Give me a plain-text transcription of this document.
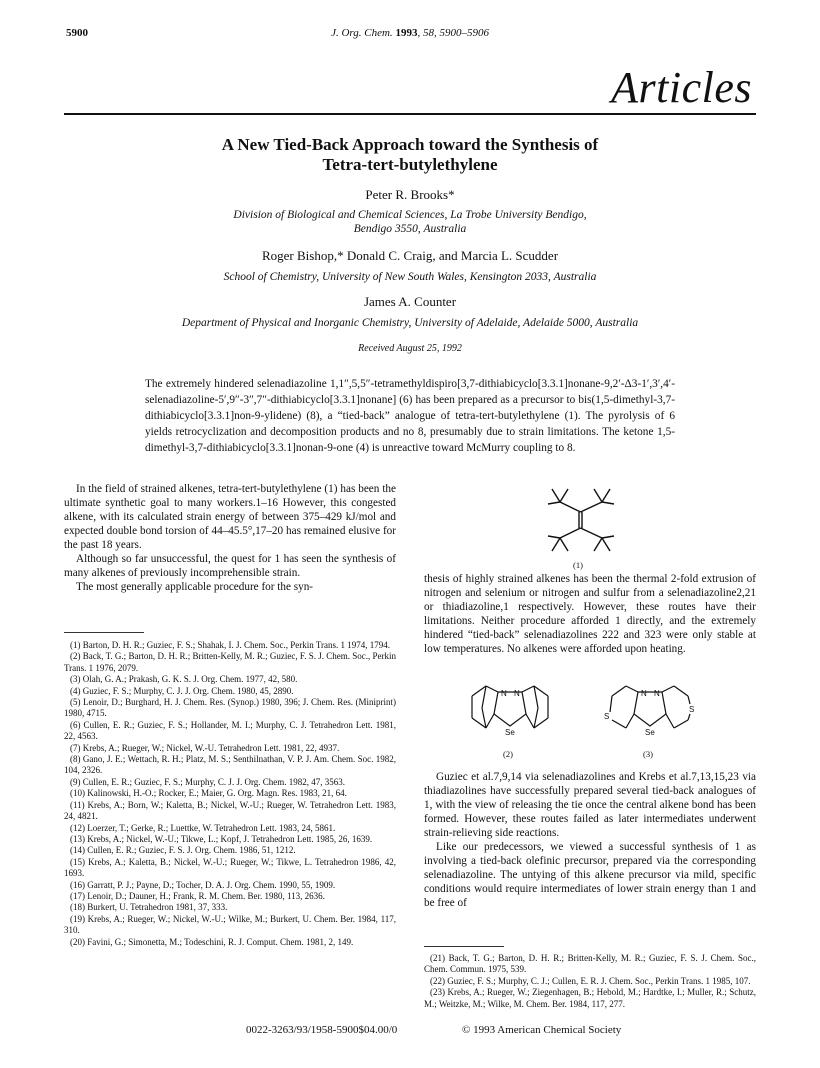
5900	J. Org. Chem. 1993, 58, 5900–5906
Articles
A New Tied-Back Approach toward the Synthesis of
Tetra-tert-butylethylene
Peter R. Brooks*
Division of Biological and Chemical Sciences, La Trobe University Bendigo,
Bendigo 3550, Australia
Roger Bishop,* Donald C. Craig, and Marcia L. Scudder
School of Chemistry, University of New South Wales, Kensington 2033, Australia
James A. Counter
Department of Physical and Inorganic Chemistry, University of Adelaide, Adelaide 5000, Australia
Received August 25, 1992
The extremely hindered selenadiazoline 1,1″,5,5″-tetramethyldispiro[3,7-dithiabicyclo[3.3.1]nonane-9,2′-Δ3-1′,3′,4′-selenadiazoline-5′,9″-3″,7″-dithiabicyclo[3.3.1]nonane] (6) has been prepared as a precursor to bis(1,5-dimethyl-3,7-dithiabicyclo[3.3.1]non-9-ylidene) (8), a “tied-back” analogue of tetra-tert-butylethylene (1). The pyrolysis of 6 yields retrocyclization and decomposition products and no 8, presumably due to strain limitations. The ketone 1,5-dimethyl-3,7-dithiabicyclo[3.3.1]nonan-9-one (4) is unreactive toward McMurry coupling to 8.

In the field of strained alkenes, tetra-tert-butylethylene (1) has been the ultimate synthetic goal to many workers.1–16 However, this congested alkene, with its calculated strain energy of between 375–429 kJ/mol and expected double bond torsion of 44–45.5°,17–20 has remained elusive for the past 18 years.

Although so far unsuccessful, the quest for 1 has seen the synthesis of many alkenes of previously incomprehensible strain.

The most generally applicable procedure for the syn-

(1) Barton, D. H. R.; Guziec, F. S.; Shahak, I. J. Chem. Soc., Perkin Trans. 1 1974, 1794.
(2) Back, T. G.; Barton, D. H. R.; Britten-Kelly, M. R.; Guziec, F. S. J. Chem. Soc., Perkin Trans. 1 1976, 2079.
(3) Olah, G. A.; Prakash, G. K. S. J. Org. Chem. 1977, 42, 580.
(4) Guziec, F. S.; Murphy, C. J. J. Org. Chem. 1980, 45, 2890.
(5) Lenoir, D.; Burghard, H. J. Chem. Res. (Synop.) 1980, 396; J. Chem. Res. (Miniprint) 1980, 4715.
(6) Cullen, E. R.; Guziec, F. S.; Hollander, M. I.; Murphy, C. J. Tetrahedron Lett. 1981, 22, 4563.
(7) Krebs, A.; Rueger, W.; Nickel, W.-U. Tetrahedron Lett. 1981, 22, 4937.
(8) Gano, J. E.; Wettach, R. H.; Platz, M. S.; Senthilnathan, V. P. J. Am. Chem. Soc. 1982, 104, 2326.
(9) Cullen, E. R.; Guziec, F. S.; Murphy, C. J. J. Org. Chem. 1982, 47, 3563.
(10) Kalinowski, H.-O.; Rocker, E.; Maier, G. Org. Magn. Res. 1983, 21, 64.
(11) Krebs, A.; Born, W.; Kaletta, B.; Nickel, W.-U.; Rueger, W. Tetrahedron Lett. 1983, 24, 4821.
(12) Loerzer, T.; Gerke, R.; Luettke, W. Tetrahedron Lett. 1983, 24, 5861.
(13) Krebs, A.; Nickel, W.-U.; Tikwe, L.; Kopf, J. Tetrahedron Lett. 1985, 26, 1639.
(14) Cullen, E. R.; Guziec, F. S. J. Org. Chem. 1986, 51, 1212.
(15) Krebs, A.; Kaletta, B.; Nickel, W.-U.; Rueger, W.; Tikwe, L. Tetrahedron 1986, 42, 1693.
(16) Garratt, P. J.; Payne, D.; Tocher, D. A. J. Org. Chem. 1990, 55, 1909.
(17) Lenoir, D.; Dauner, H.; Frank, R. M. Chem. Ber. 1980, 113, 2636.
(18) Burkert, U. Tetrahedron 1981, 37, 333.
(19) Krebs, A.; Rueger, W.; Nickel, W.-U.; Wilke, M.; Burkert, U. Chem. Ber. 1984, 117, 310.
(20) Favini, G.; Simonetta, M.; Todeschini, R. J. Comput. Chem. 1981, 2, 149.
(1)

thesis of highly strained alkenes has been the thermal 2-fold extrusion of nitrogen and selenium or nitrogen and sulfur from a selenadiazoline2,21 or thiadiazoline,1 respectively. However, these routes have their limitations. Neither procedure afforded 1 directly, and the extremely hindered “tied-back” selenadiazolines 222 and 323 were only stable at low temperatures. No alkenes were afforded upon heating.

N N
Se
(2)
N N
Se
S
S
(3)

Guziec et al.7,9,14 via selenadiazolines and Krebs et al.7,13,15,23 via thiadiazolines have successfully prepared several tied-back analogues of 1, with the view of releasing the tie once the central alkene bond has been formed. However, these routes failed as later intermediates underwent strain-relieving side reactions.

Like our predecessors, we viewed a successful synthesis of 1 as involving a tied-back olefinic precursor, prepared via the corresponding selenadiazoline. The untying of this alkene precursor via mild, specific conditions would require intermediates of lower strain energy than 1 and be free of

(21) Back, T. G.; Barton, D. H. R.; Britten-Kelly, M. R.; Guziec, F. S. J. Chem. Soc., Chem. Commun. 1975, 539.
(22) Guziec, F. S.; Murphy, C. J.; Cullen, E. R. J. Chem. Soc., Perkin Trans. 1 1985, 107.
(23) Krebs, A.; Rueger, W.; Ziegenhagen, B.; Hebold, M.; Hardtke, I.; Muller, R.; Schutz, M.; Weitzke, M.; Wilke, M. Chem. Ber. 1984, 117, 277.
0022-3263/93/1958-5900$04.00/0	© 1993 American Chemical Society
